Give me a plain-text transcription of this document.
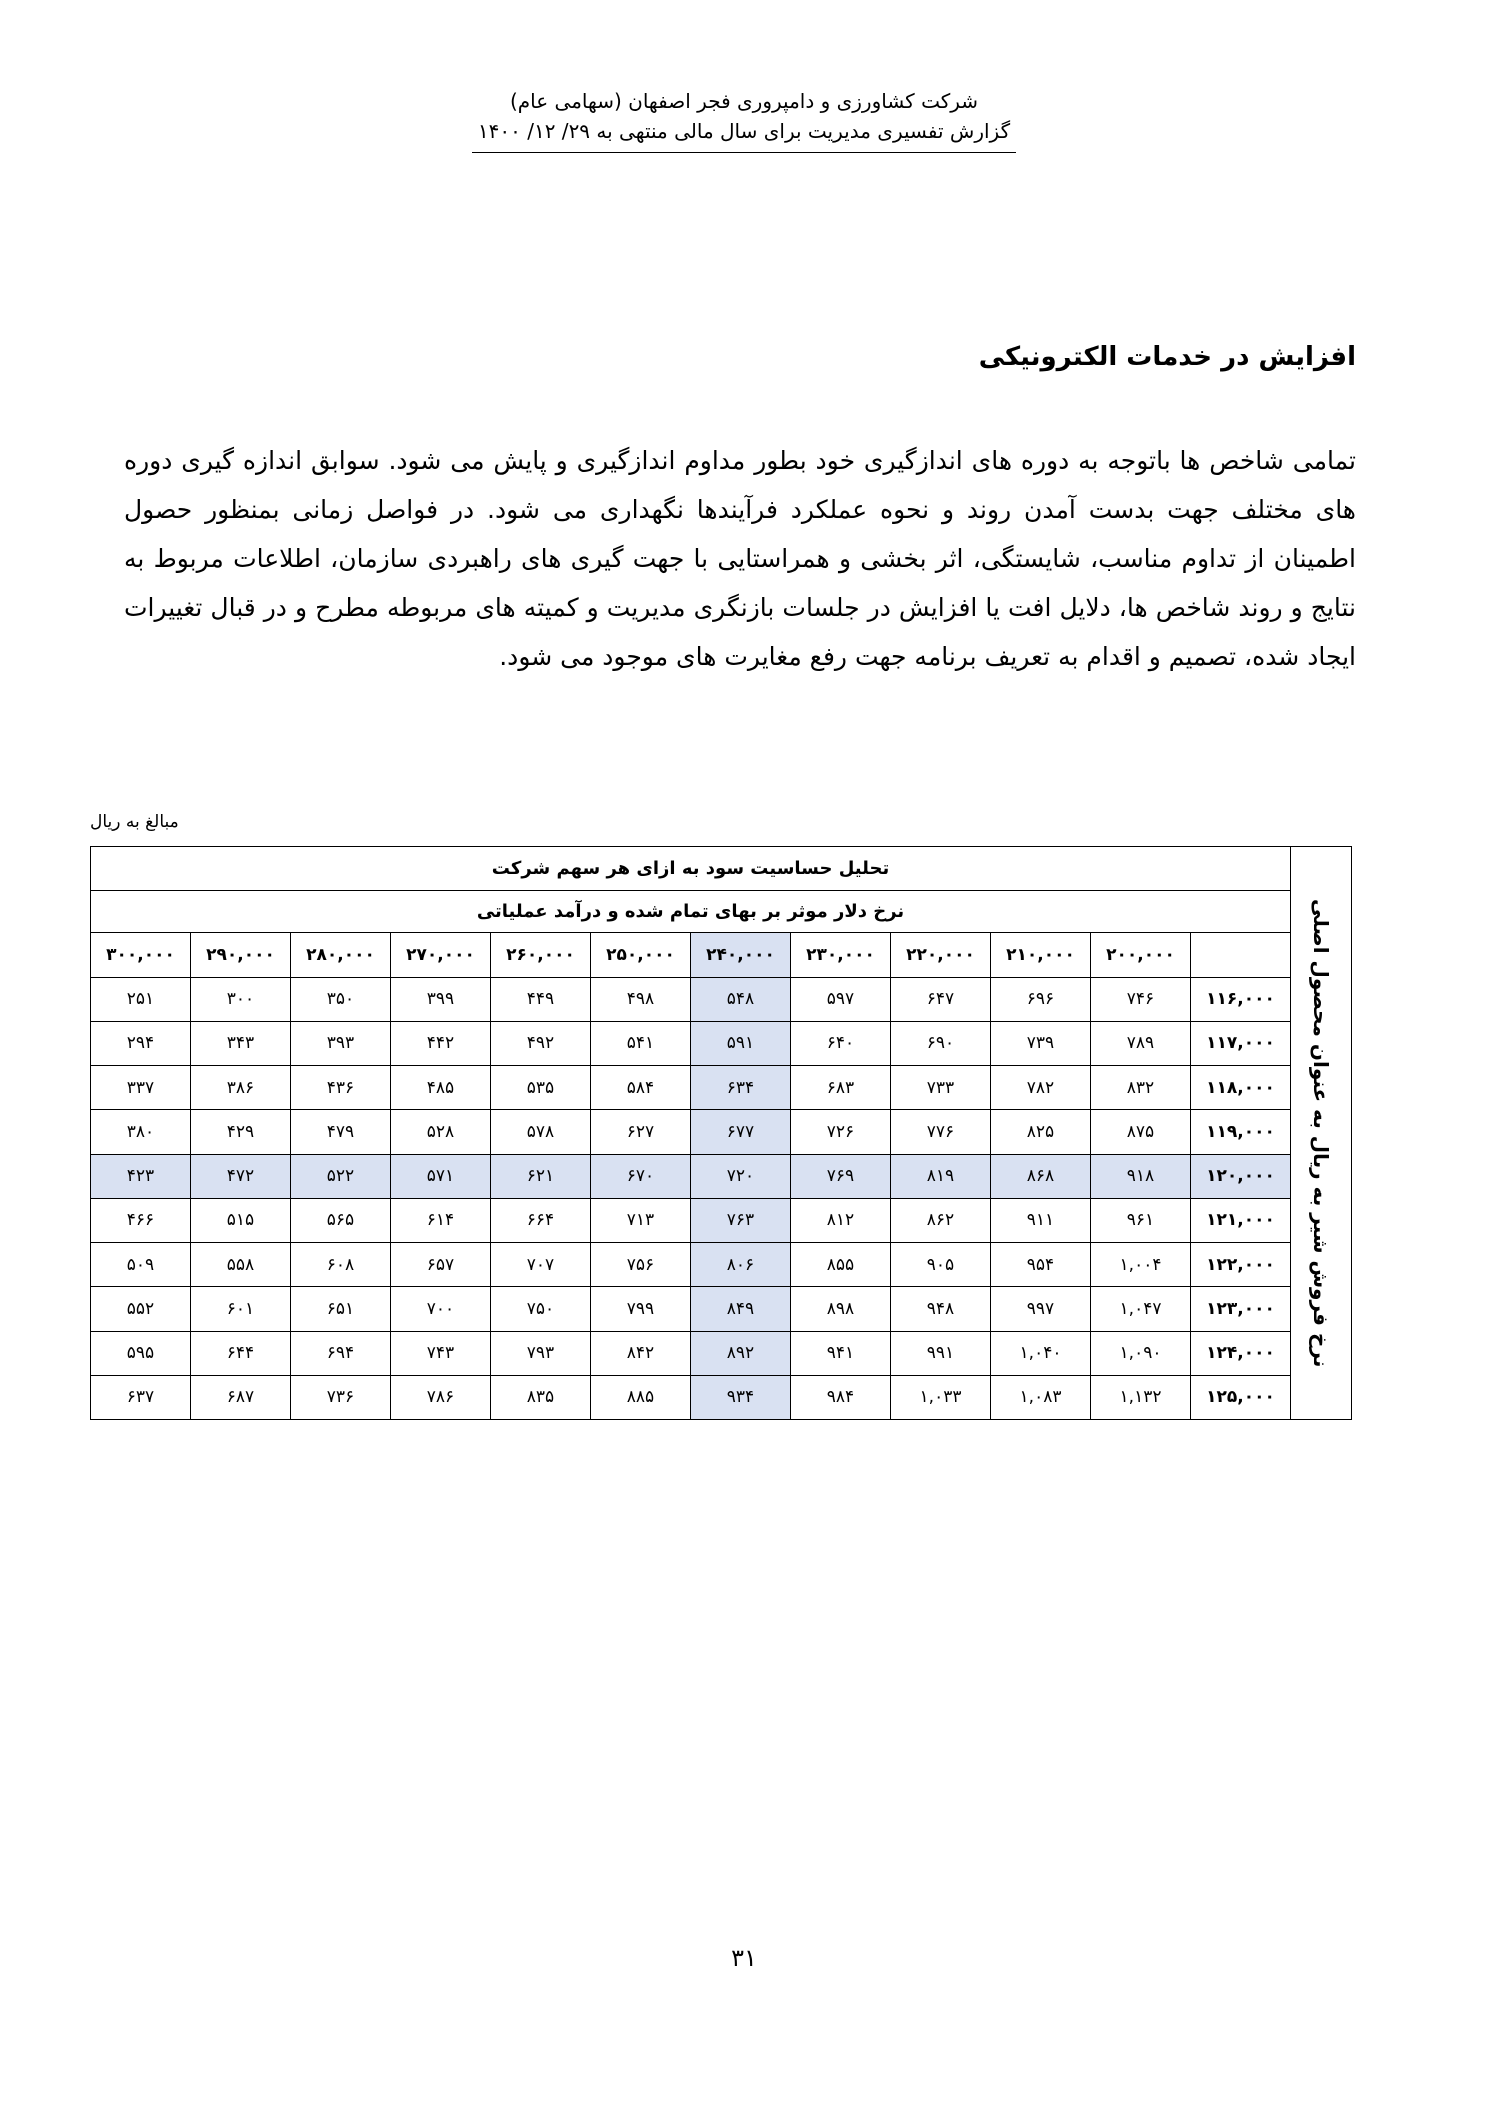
شرکت کشاورزی و دامپروری فجر اصفهان (سهامی عام)
گزارش تفسیری مدیریت برای سال مالی منتهی به ۲۹/ ۱۲/ ۱۴۰۰
افزایش در خدمات الکترونیکی
تمامی شاخص ها باتوجه به دوره های اندازگیری خود بطور مداوم اندازگیری و پایش می شود. سوابق اندازه گیری دوره های مختلف جهت بدست آمدن روند و نحوه عملکرد فرآیندها نگهداری می شود. در فواصل زمانی بمنظور حصول اطمینان از تداوم مناسب، شایستگی، اثر بخشی و همراستایی با جهت گیری های راهبردی سازمان، اطلاعات مربوط به نتایج و روند شاخص ها، دلایل افت یا افزایش در جلسات بازنگری مدیریت و کمیته های مربوطه مطرح و در قبال تغییرات ایجاد شده، تصمیم و اقدام به تعریف برنامه جهت رفع مغایرت های موجود می شود.
مبالغ به ریال
نرخ فروش شیر به ریال به عنوان محصول اصلی	تحلیل حساسیت سود به ازای هر سهم شرکت											
	نرخ دلار موثر بر بهای تمام شده و درآمد عملیاتی											
		۲۰۰,۰۰۰	۲۱۰,۰۰۰	۲۲۰,۰۰۰	۲۳۰,۰۰۰	۲۴۰,۰۰۰	۲۵۰,۰۰۰	۲۶۰,۰۰۰	۲۷۰,۰۰۰	۲۸۰,۰۰۰	۲۹۰,۰۰۰	۳۰۰,۰۰۰
	۱۱۶,۰۰۰	۷۴۶	۶۹۶	۶۴۷	۵۹۷	۵۴۸	۴۹۸	۴۴۹	۳۹۹	۳۵۰	۳۰۰	۲۵۱
	۱۱۷,۰۰۰	۷۸۹	۷۳۹	۶۹۰	۶۴۰	۵۹۱	۵۴۱	۴۹۲	۴۴۲	۳۹۳	۳۴۳	۲۹۴
	۱۱۸,۰۰۰	۸۳۲	۷۸۲	۷۳۳	۶۸۳	۶۳۴	۵۸۴	۵۳۵	۴۸۵	۴۳۶	۳۸۶	۳۳۷
	۱۱۹,۰۰۰	۸۷۵	۸۲۵	۷۷۶	۷۲۶	۶۷۷	۶۲۷	۵۷۸	۵۲۸	۴۷۹	۴۲۹	۳۸۰
	۱۲۰,۰۰۰	۹۱۸	۸۶۸	۸۱۹	۷۶۹	۷۲۰	۶۷۰	۶۲۱	۵۷۱	۵۲۲	۴۷۲	۴۲۳
	۱۲۱,۰۰۰	۹۶۱	۹۱۱	۸۶۲	۸۱۲	۷۶۳	۷۱۳	۶۶۴	۶۱۴	۵۶۵	۵۱۵	۴۶۶
	۱۲۲,۰۰۰	۱,۰۰۴	۹۵۴	۹۰۵	۸۵۵	۸۰۶	۷۵۶	۷۰۷	۶۵۷	۶۰۸	۵۵۸	۵۰۹
	۱۲۳,۰۰۰	۱,۰۴۷	۹۹۷	۹۴۸	۸۹۸	۸۴۹	۷۹۹	۷۵۰	۷۰۰	۶۵۱	۶۰۱	۵۵۲
	۱۲۴,۰۰۰	۱,۰۹۰	۱,۰۴۰	۹۹۱	۹۴۱	۸۹۲	۸۴۲	۷۹۳	۷۴۳	۶۹۴	۶۴۴	۵۹۵
	۱۲۵,۰۰۰	۱,۱۳۲	۱,۰۸۳	۱,۰۳۳	۹۸۴	۹۳۴	۸۸۵	۸۳۵	۷۸۶	۷۳۶	۶۸۷	۶۳۷
۳۱
